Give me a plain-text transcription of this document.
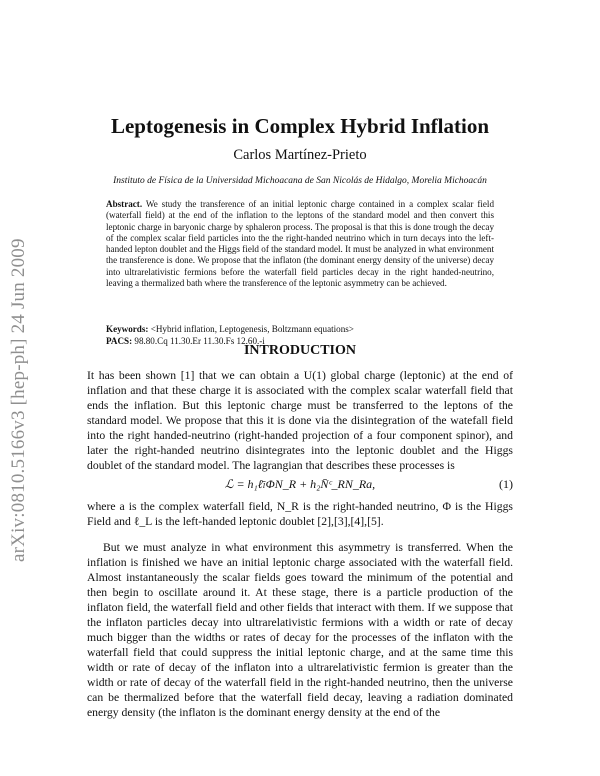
arXiv:0810.5166v3 [hep-ph] 24 Jun 2009
Leptogenesis in Complex Hybrid Inflation
Carlos Martínez-Prieto
Instituto de Física de la Universidad Michoacana de San Nicolás de Hidalgo, Morelia Michoacán
Abstract. We study the transference of an initial leptonic charge contained in a complex scalar field (waterfall field) at the end of the inflation to the leptons of the standard model and then convert this leptonic charge in baryonic charge by sphaleron process. The proposal is that this is done trough the decay of the complex scalar field particles into the the right-handed neutrino which in turn decays into the left-handed lepton doublet and the Higgs field of the standard model. It must be analyzed in what environment the transference is done. We propose that the inflaton (the dominant energy density of the universe) decay into ultrarelativistic fermions before the waterfall field particles decay in the right handed-neutrino, leaving a thermalized bath where the transference of the leptonic asymmetry can be achieved.
Keywords: <Hybrid inflation, Leptogenesis, Boltzmann equations>
PACS: 98.80.Cq 11.30.Er 11.30.Fs 12.60.-i
INTRODUCTION
It has been shown [1] that we can obtain a U(1) global charge (leptonic) at the end of inflation and that these charge it is associated with the complex scalar waterfall field that ends the inflation. But this leptonic charge must be transferred to the leptons of the standard model. We propose that this it is done via the disintegration of the watefall field into the right handed-neutrino (right-handed projection of a four component spinor), and later the right-handed neutrino disintegrates into the leptonic doublet and the Higgs doublet of the standard model. The lagrangian that describes these processes is
ℒ = h₁ℓ̄ₗΦN_R + h₂N̄ᶜ_RN_Ra,	(1)
where a is the complex waterfall field, N_R is the right-handed neutrino, Φ is the Higgs Field and ℓ_L is the left-handed leptonic doublet [2],[3],[4],[5].
But we must analyze in what environment this asymmetry is transferred. When the inflation is finished we have an initial leptonic charge associated with the waterfall field. Almost instantaneously the scalar fields goes toward the minimum of the potential and then begin to oscillate around it. At these stage, there is a particle production of the inflaton field, the waterfall field and other fields that interact with them. If we suppose that the inflaton particles decay into ultrarelativistic fermions with a width or rate of decay much bigger than the widths or rates of decay for the processes of the inflaton with the waterfall field that could suppress the initial leptonic charge, and at the same time this width or rate of decay of the inflaton into a ultrarelativistic fermion is greater than the width or rate of decay of the waterfall field in the right-handed neutrino, then the universe can be thermalized before that the waterfall field decay, leaving a radiation dominated energy density (the inflaton is the dominant energy density at the end of the
